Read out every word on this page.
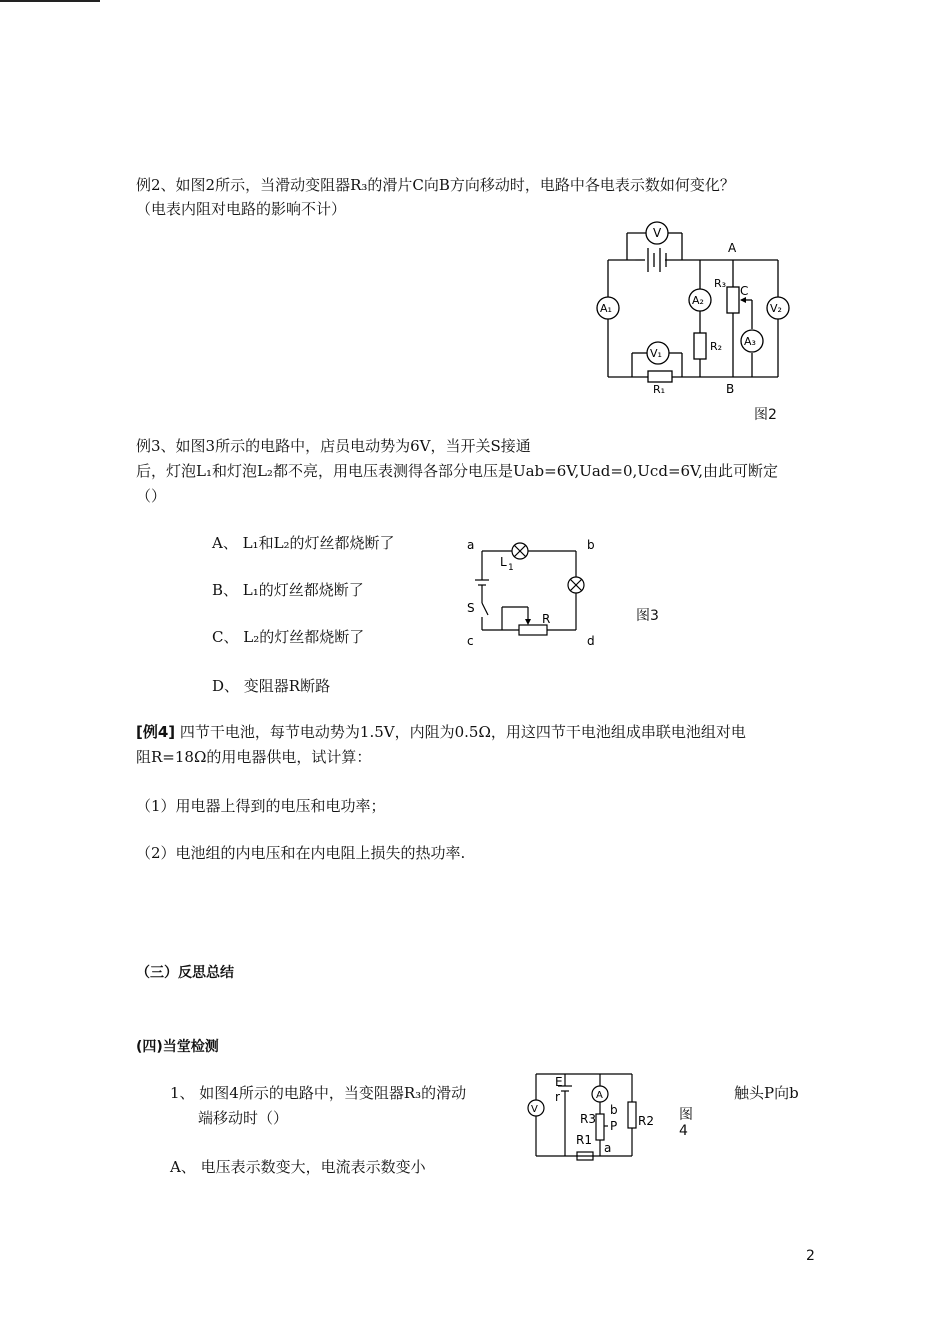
例2、如图2所示，当滑动变阻器R₃的滑片C向B方向移动时，电路中各电表示数如何变化？
（电表内阻对电路的影响不计）
V
A
A₁
A₂
R₃
C
V₂
A₃
R₂
V₁
R₁	B
图2
例3、如图3所示的电路中，店员电动势为6V，当开关S接通
后，灯泡L₁和灯泡L₂都不亮，用电压表测得各部分电压是Uab=6V,Uad=0,Ucd=6V,由此可断定
（）
A、 L₁和L₂的灯丝都烧断了
B、 L₁的灯丝都烧断了
C、 L₂的灯丝都烧断了
D、 变阻器R断路
a	b
L 1
S
R
c	d
图3
[例4] 四节干电池，每节电动势为1.5V，内阻为0.5Ω，用这四节干电池组成串联电池组对电
阻R=18Ω的用电器供电，试计算：
（1）用电器上得到的电压和电功率；
（2）电池组的内电压和在内电阻上损失的热功率.
（三）反思总结
(四)当堂检测
1、 如图4所示的电路中，当变阻器R₃的滑动	触头P向b
端移动时（）
A、 电压表示数变大，电流表示数变小
V
E
r	A
R3
b
P R2
R1
a
图
4
2
